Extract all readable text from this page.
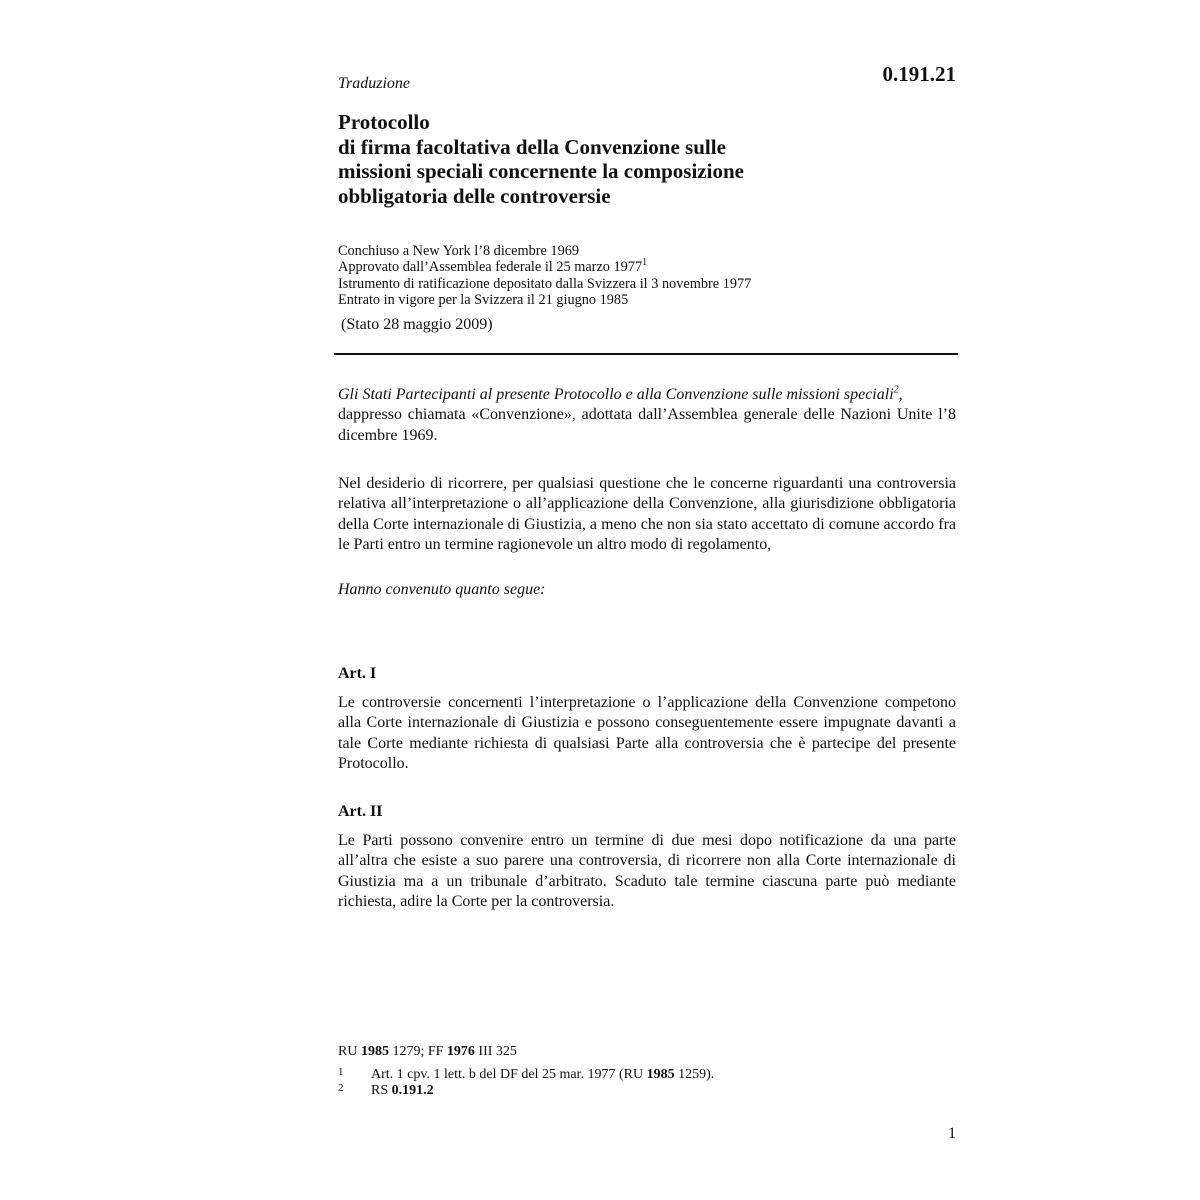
0.191.21
Traduzione
Protocollo
di firma facoltativa della Convenzione sulle
missioni speciali concernente la composizione
obbligatoria delle controversie
Conchiuso a New York l’8 dicembre 1969
Approvato dall’Assemblea federale il 25 marzo 1977$^1$
Istrumento di ratificazione depositato dalla Svizzera il 3 novembre 1977
Entrato in vigore per la Svizzera il 21 giugno 1985
(Stato 28 maggio 2009)
Gli Stati Partecipanti al presente Protocollo e alla Convenzione sulle missioni speciali$^2$,
dappresso chiamata «Convenzione», adottata dall’Assemblea generale delle Nazioni Unite l’8 dicembre 1969.
Nel desiderio di ricorrere, per qualsiasi questione che le concerne riguardanti una controversia relativa all’interpretazione o all’applicazione della Convenzione, alla giurisdizione obbligatoria della Corte internazionale di Giustizia, a meno che non sia stato accettato di comune accordo fra le Parti entro un termine ragionevole un altro modo di regolamento,
Hanno convenuto quanto segue:
Art. I
Le controversie concernenti l’interpretazione o l’applicazione della Convenzione competono alla Corte internazionale di Giustizia e possono conseguentemente essere impugnate davanti a tale Corte mediante richiesta di qualsiasi Parte alla controversia che è partecipe del presente Protocollo.
Art. II
Le Parti possono convenire entro un termine di due mesi dopo notificazione da una parte all’altra che esiste a suo parere una controversia, di ricorrere non alla Corte internazionale di Giustizia ma a un tribunale d’arbitrato. Scaduto tale termine ciascuna parte può mediante richiesta, adire la Corte per la controversia.
RU 1985 1279; FF 1976 III 325
1 Art. 1 cpv. 1 lett. b del DF del 25 mar. 1977 (RU 1985 1259).
2 RS 0.191.2
1
